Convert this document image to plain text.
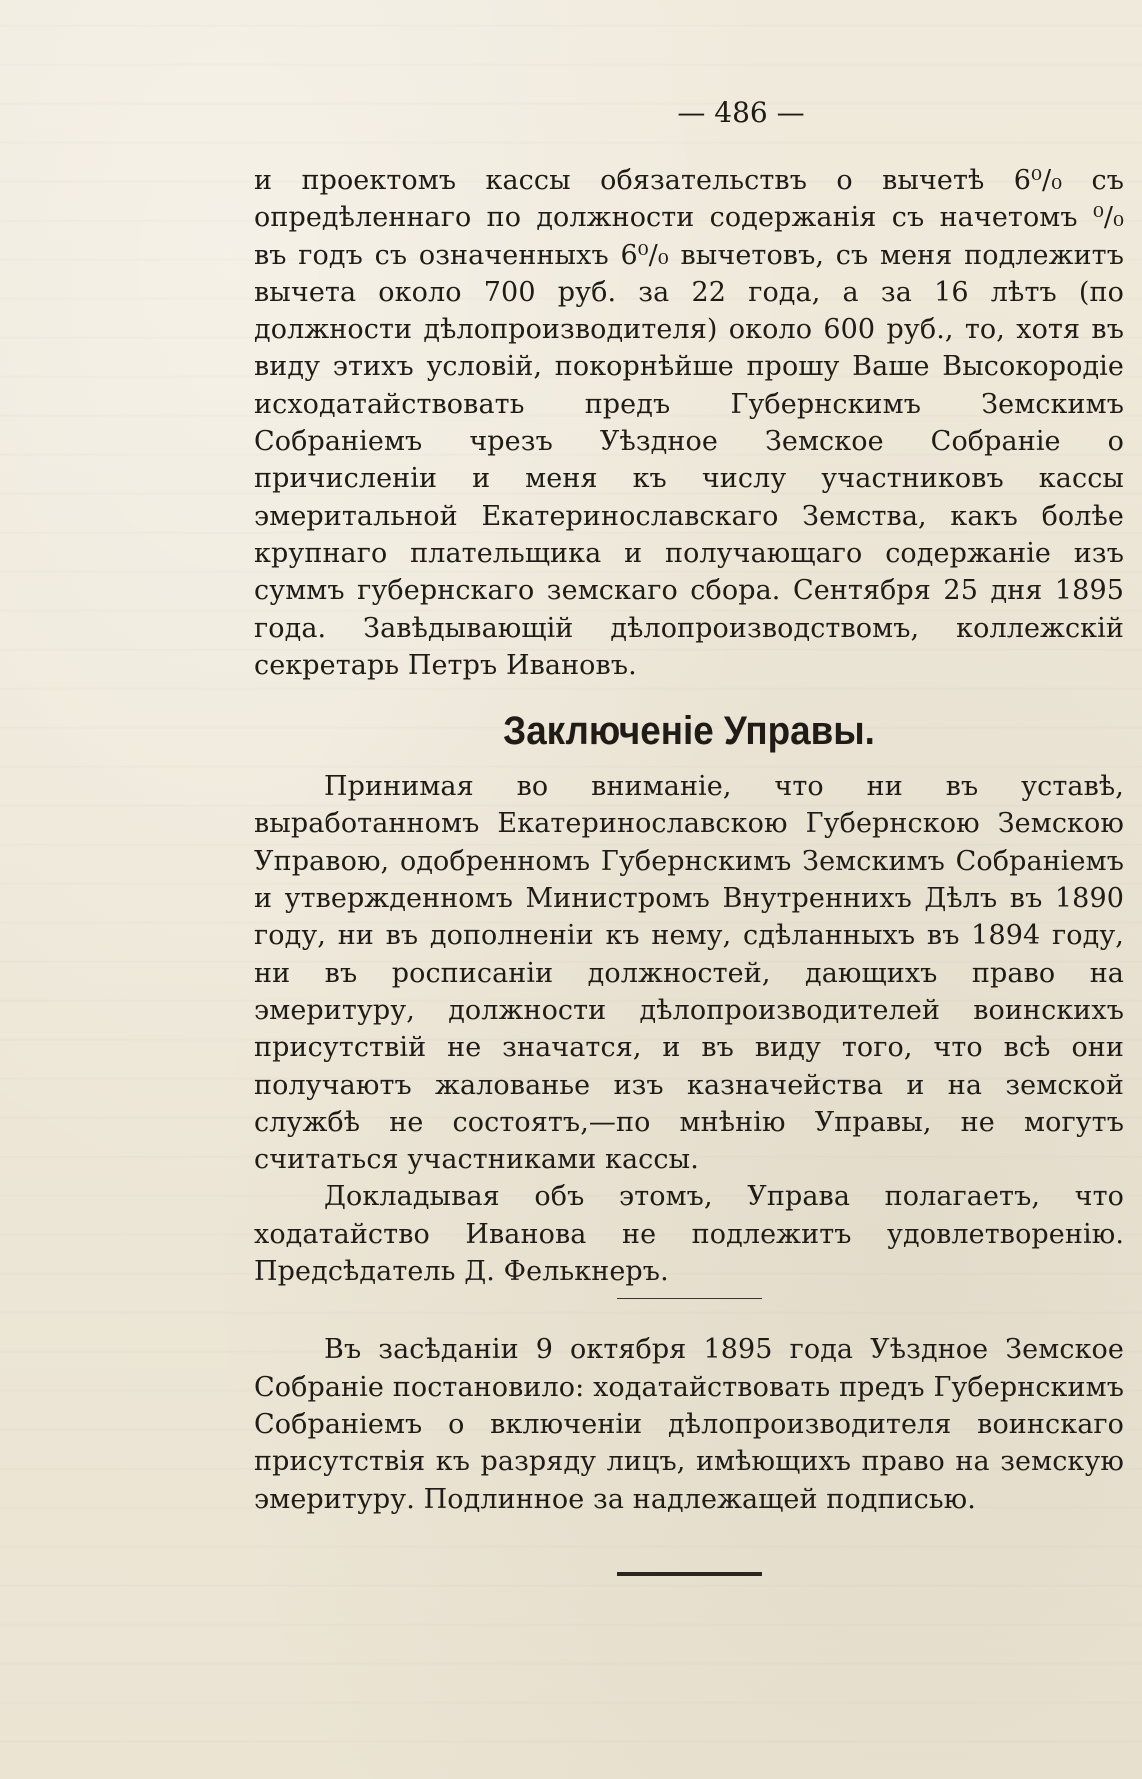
— 486 —

и проектомъ кассы обязательствъ о вычетѣ 6⁰/₀ съ опредѣленнаго по должности содержанія съ начетомъ ⁰/₀ въ годъ съ означенныхъ 6⁰/₀ вычетовъ, съ меня подлежитъ вычета около 700 руб. за 22 года, а за 16 лѣтъ (по должности дѣлопроизводителя) около 600 руб., то, хотя въ виду этихъ условій, покорнѣйше прошу Ваше Высокородіе исходатайствовать предъ Губернскимъ Земскимъ Собраніемъ чрезъ Уѣздное Земское Собраніе о причисленіи и меня къ числу участниковъ кассы эмеритальной Екатеринославскаго Земства, какъ болѣе крупнаго плательщика и получающаго содержаніе изъ суммъ губернскаго земскаго сбора. Сентября 25 дня 1895 года. Завѣдывающій дѣлопроизводствомъ, коллежскій секретарь Петръ Ивановъ.

Заключеніе Управы.

Принимая во вниманіе, что ни въ уставѣ, выработанномъ Екатеринославскою Губернскою Земскою Управою, одобренномъ Губернскимъ Земскимъ Собраніемъ и утвержденномъ Министромъ Внутреннихъ Дѣлъ въ 1890 году, ни въ дополненіи къ нему, сдѣланныхъ въ 1894 году, ни въ росписаніи должностей, дающихъ право на эмеритуру, должности дѣлопроизводителей воинскихъ присутствій не значатся, и въ виду того, что всѣ они получаютъ жалованье изъ казначейства и на земской службѣ не состоятъ,—по мнѣнію Управы, не могутъ считаться участниками кассы.

Докладывая объ этомъ, Управа полагаетъ, что ходатайство Иванова не подлежитъ удовлетворенію. Предсѣдатель Д. Фелькнеръ.

Въ засѣданіи 9 октября 1895 года Уѣздное Земское Собраніе постановило: ходатайствовать предъ Губернскимъ Собраніемъ о включеніи дѣлопроизводителя воинскаго присутствія къ разряду лицъ, имѣющихъ право на земскую эмеритуру. Подлинное за надлежащей подписью.
